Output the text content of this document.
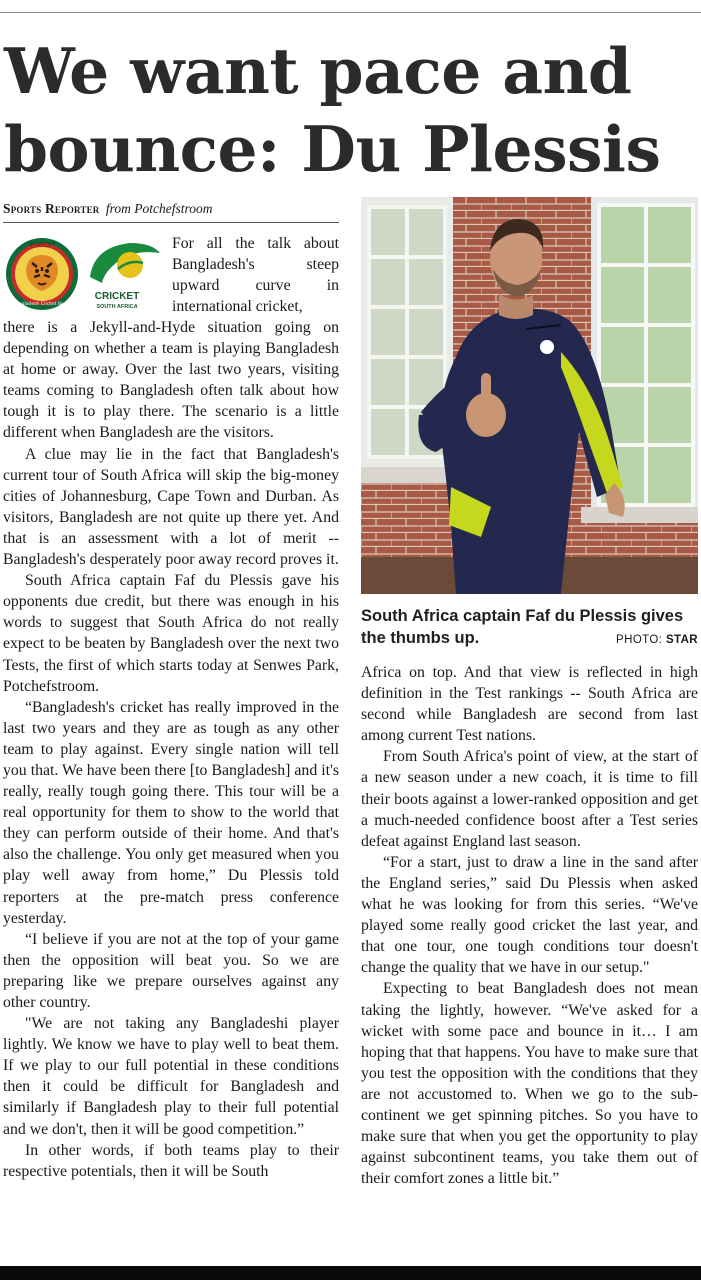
We want pace and bounce: Du Plessis
Sports Reporter from Potchefstroom
বাংলাদেশ
Bangladesh Cricket Board
CRICKET
SOUTH AFRICA

For all the talk about Bangladesh's steep upward curve in international cricket,

there is a Jekyll-and-Hyde situation going on depending on whether a team is playing Bangladesh at home or away. Over the last two years, visiting teams coming to Bangladesh often talk about how tough it is to play there. The scenario is a little different when Bangladesh are the visitors.

A clue may lie in the fact that Bangladesh's current tour of South Africa will skip the big-money cities of Johannesburg, Cape Town and Durban. As visitors, Bangladesh are not quite up there yet. And that is an assessment with a lot of merit -- Bangladesh's desperately poor away record proves it.

South Africa captain Faf du Plessis gave his opponents due credit, but there was enough in his words to suggest that South Africa do not really expect to be beaten by Bangladesh over the next two Tests, the first of which starts today at Senwes Park, Potchefstroom.

“Bangladesh's cricket has really improved in the last two years and they are as tough as any other team to play against. Every single nation will tell you that. We have been there [to Bangladesh] and it's really, really tough going there. This tour will be a real opportunity for them to show to the world that they can perform outside of their home. And that's also the challenge. You only get measured when you play well away from home,” Du Plessis told reporters at the pre-match press conference yesterday.

“I believe if you are not at the top of your game then the opposition will beat you. So we are preparing like we prepare ourselves against any other country.

"We are not taking any Bangladeshi player lightly. We know we have to play well to beat them. If we play to our full potential in these conditions then it could be difficult for Bangladesh and similarly if Bangladesh play to their full potential and we don't, then it will be good competition.”

In other words, if both teams play to their respective potentials, then it will be South

South Africa captain Faf du Plessis gives the thumbs up.	PHOTO: STAR

Africa on top. And that view is reflected in high definition in the Test rankings -- South Africa are second while Bangladesh are second from last among current Test nations.

From South Africa's point of view, at the start of a new season under a new coach, it is time to fill their boots against a lower-ranked opposition and get a much-needed confidence boost after a Test series defeat against England last season.

“For a start, just to draw a line in the sand after the England series,” said Du Plessis when asked what he was looking for from this series. “We've played some really good cricket the last year, and that one tour, one tough conditions tour doesn't change the quality that we have in our setup."

Expecting to beat Bangladesh does not mean taking the lightly, however. “We've asked for a wicket with some pace and bounce in it… I am hoping that that happens. You have to make sure that you test the opposition with the conditions that they are not accustomed to. When we go to the sub-continent we get spinning pitches. So you have to make sure that when you get the opportunity to play against subcontinent teams, you take them out of their comfort zones a little bit.”
